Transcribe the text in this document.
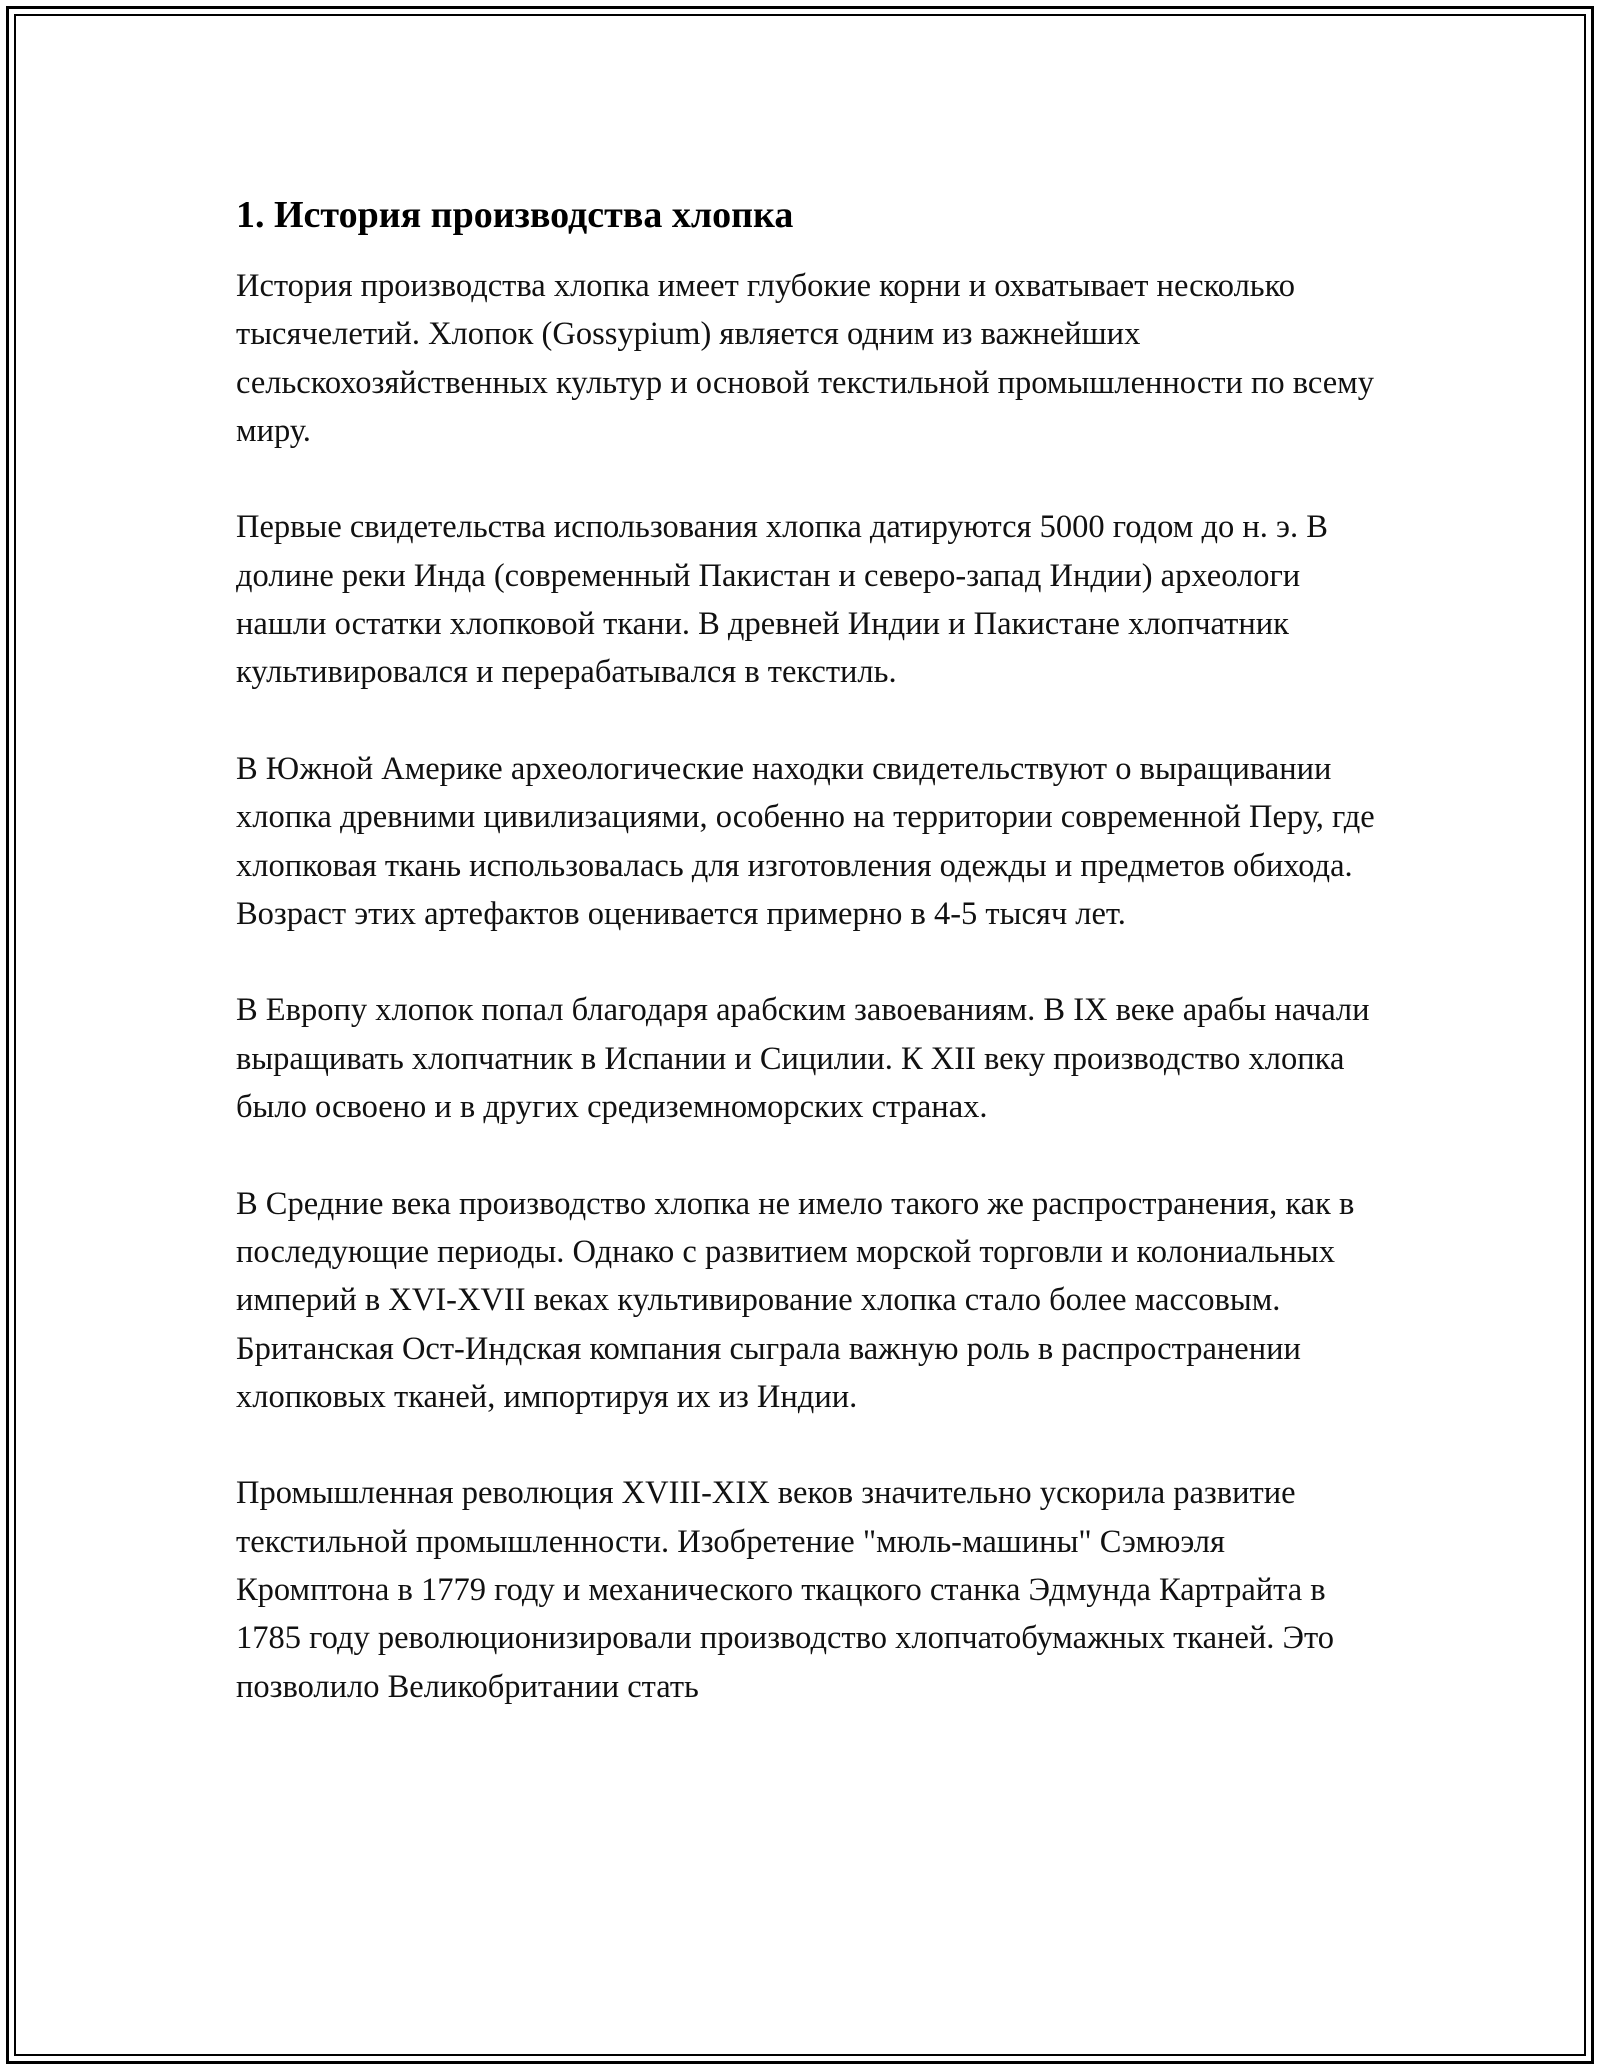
1. История производства хлопка

История производства хлопка имеет глубокие корни и охватывает несколько тысячелетий. Хлопок (Gossypium) является одним из важнейших сельскохозяйственных культур и основой текстильной промышленности по всему миру.

Первые свидетельства использования хлопка датируются 5000 годом до н. э. В долине реки Инда (современный Пакистан и северо-запад Индии) археологи нашли остатки хлопковой ткани. В древней Индии и Пакистане хлопчатник культивировался и перерабатывался в текстиль.

В Южной Америке археологические находки свидетельствуют о выращивании хлопка древними цивилизациями, особенно на территории современной Перу, где хлопковая ткань использовалась для изготовления одежды и предметов обихода. Возраст этих артефактов оценивается примерно в 4-5 тысяч лет.

В Европу хлопок попал благодаря арабским завоеваниям. В IX веке арабы начали выращивать хлопчатник в Испании и Сицилии. К XII веку производство хлопка было освоено и в других средиземноморских странах.

В Средние века производство хлопка не имело такого же распространения, как в последующие периоды. Однако с развитием морской торговли и колониальных империй в XVI-XVII веках культивирование хлопка стало более массовым. Британская Ост-Индская компания сыграла важную роль в распространении хлопковых тканей, импортируя их из Индии.

Промышленная революция XVIII-XIX веков значительно ускорила развитие текстильной промышленности. Изобретение "мюль-машины" Сэмюэля Кромптона в 1779 году и механического ткацкого станка Эдмунда Картрайта в 1785 году революционизировали производство хлопчатобумажных тканей. Это позволило Великобритании стать
